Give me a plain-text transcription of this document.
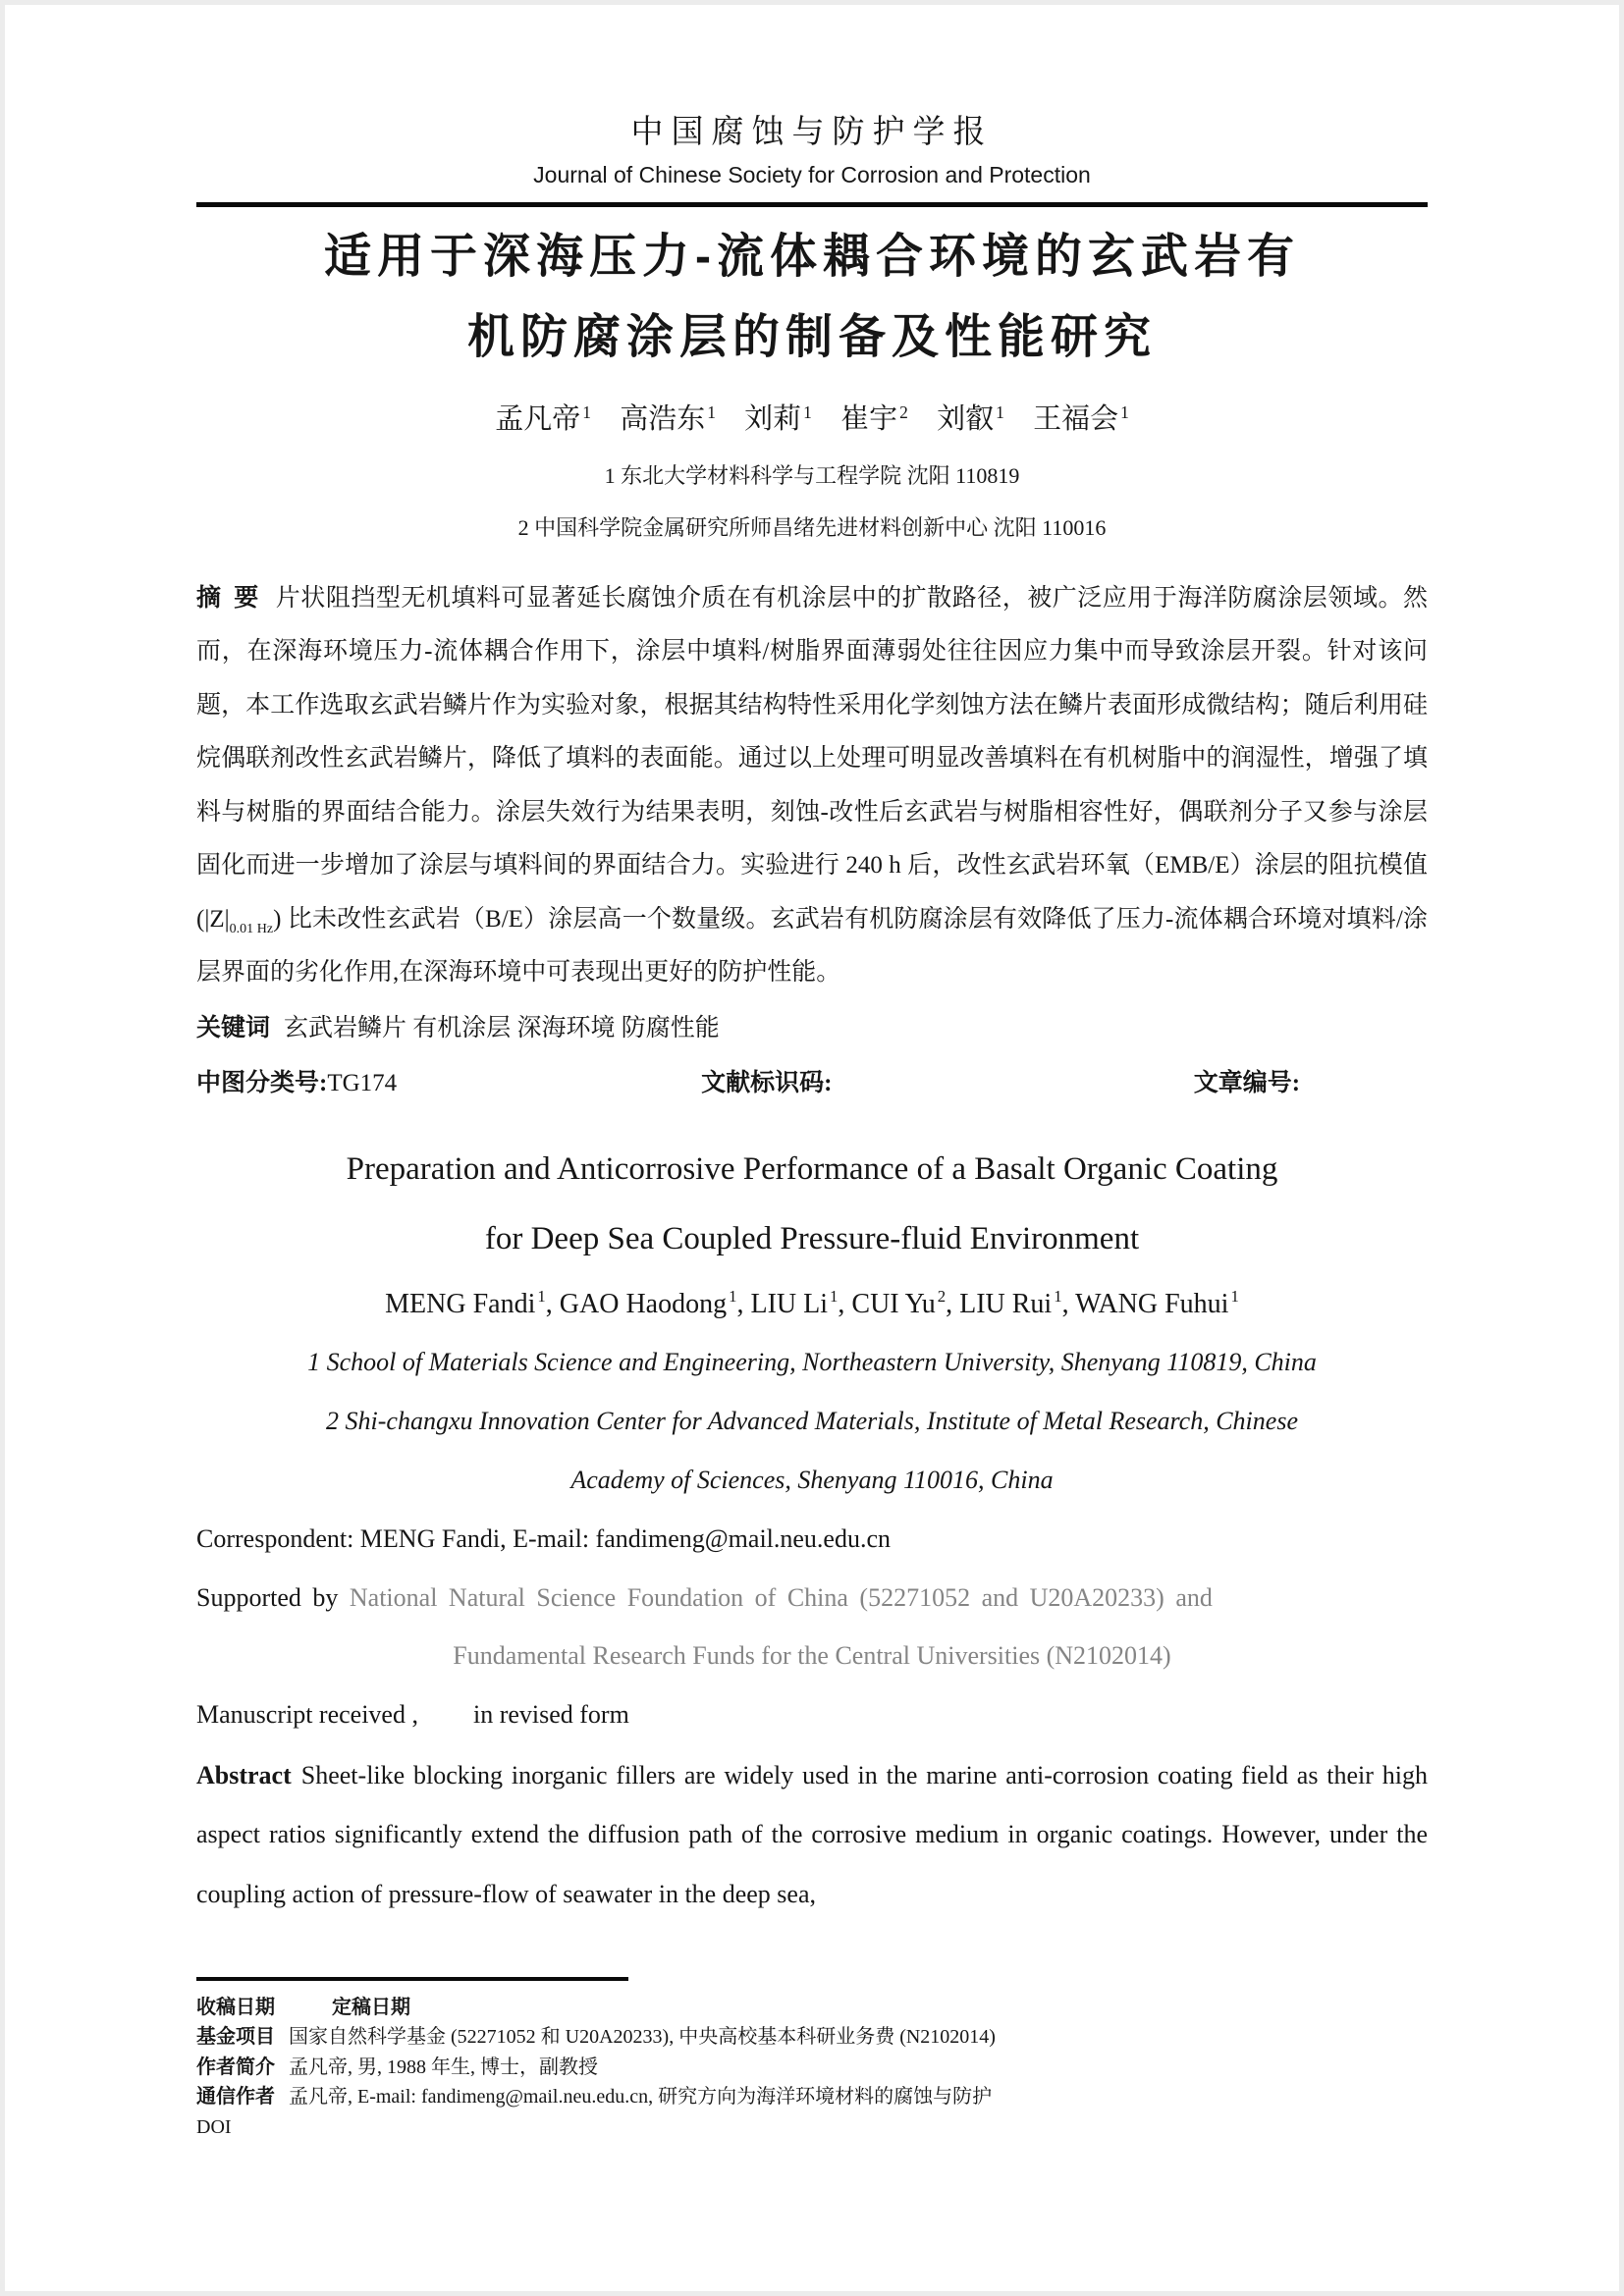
中国腐蚀与防护学报
Journal of Chinese Society for Corrosion and Protection
适用于深海压力-流体耦合环境的玄武岩有
机防腐涂层的制备及性能研究
孟凡帝 $^1$ 高浩东 $^1$ 刘莉 $^1$ 崔宇 $^2$ 刘叡 $^1$ 王福会 $^1$
1 东北大学材料科学与工程学院 沈阳 110819
2 中国科学院金属研究所师昌绪先进材料创新中心 沈阳 110016
摘 要 片状阻挡型无机填料可显著延长腐蚀介质在有机涂层中的扩散路径，被广泛应用于海洋防腐涂层领域。然而，在深海环境压力-流体耦合作用下，涂层中填料/树脂界面薄弱处往往因应力集中而导致涂层开裂。针对该问题，本工作选取玄武岩鳞片作为实验对象，根据其结构特性采用化学刻蚀方法在鳞片表面形成微结构；随后利用硅烷偶联剂改性玄武岩鳞片，降低了填料的表面能。通过以上处理可明显改善填料在有机树脂中的润湿性，增强了填料与树脂的界面结合能力。涂层失效行为结果表明，刻蚀-改性后玄武岩与树脂相容性好，偶联剂分子又参与涂层固化而进一步增加了涂层与填料间的界面结合力。实验进行 240 h 后，改性玄武岩环氧（EMB/E）涂层的阻抗模值 $(|Z|_{0.01 Hz})$ 比未改性玄武岩（B/E）涂层高一个数量级。玄武岩有机防腐涂层有效降低了压力-流体耦合环境对填料/涂层界面的劣化作用,在深海环境中可表现出更好的防护性能。
关键词 玄武岩鳞片 有机涂层 深海环境 防腐性能
中图分类号:TG174	文献标识码:	文章编号:
Preparation and Anticorrosive Performance of a Basalt Organic Coating
for Deep Sea Coupled Pressure-fluid Environment
MENG Fandi $^1$, GAO Haodong $^1$, LIU Li $^1$, CUI Yu $^2$, LIU Rui $^1$, WANG Fuhui $^1$
1 School of Materials Science and Engineering, Northeastern University, Shenyang 110819, China
2 Shi-changxu Innovation Center for Advanced Materials, Institute of Metal Research, Chinese
Academy of Sciences, Shenyang 110016, China
Correspondent: MENG Fandi, E-mail: fandimeng@mail.neu.edu.cn
Supported by National Natural Science Foundation of China (52271052 and U20A20233) and
Fundamental Research Funds for the Central Universities (N2102014)
Manuscript received , in revised form
Abstract Sheet-like blocking inorganic fillers are widely used in the marine anti-corrosion coating field as their high aspect ratios significantly extend the diffusion path of the corrosive medium in organic coatings. However, under the coupling action of pressure-flow of seawater in the deep sea,
收稿日期	定稿日期
基金项目 国家自然科学基金 (52271052 和 U20A20233), 中央高校基本科研业务费 (N2102014)
作者简介 孟凡帝, 男, 1988 年生, 博士，副教授
通信作者 孟凡帝, E-mail: fandimeng@mail.neu.edu.cn, 研究方向为海洋环境材料的腐蚀与防护
DOI
